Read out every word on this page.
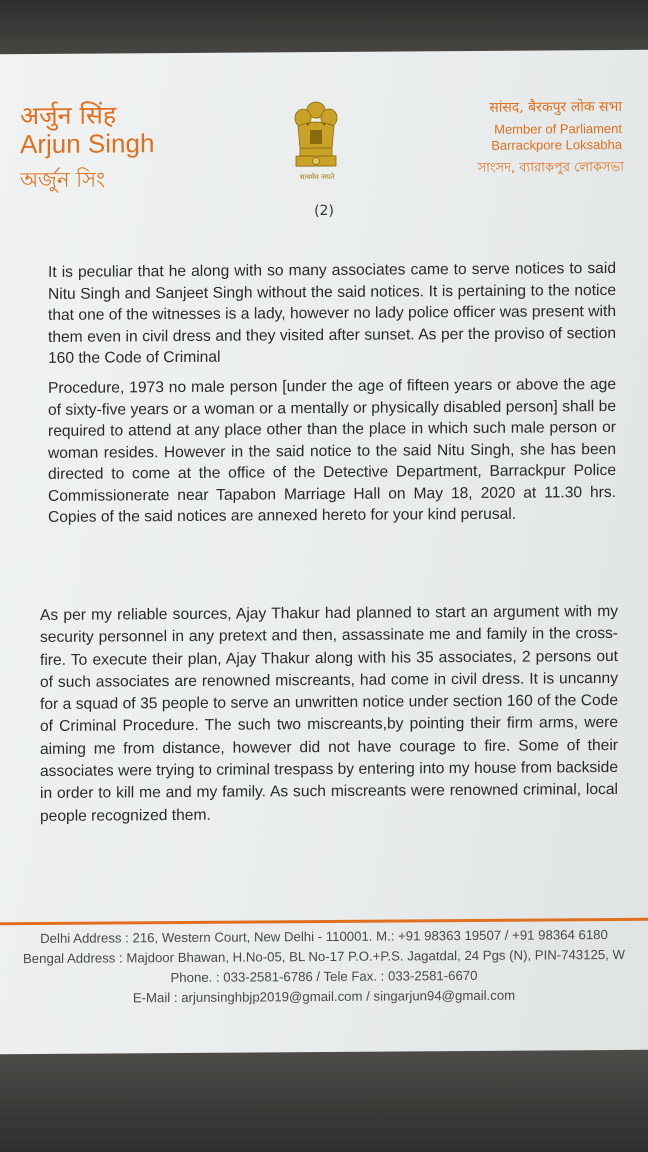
अर्जुन सिंह
Arjun Singh
অর্জুন সিং	सत्यमेव जयते
सांसद, बैरकपुर लोक सभा
Member of Parliament
Barrackpore Loksabha
সাংসদ, ব্যারাকপুর লোকসভা
(2)

It is peculiar that he along with so many associates came to serve notices to said Nitu Singh and Sanjeet Singh without the said notices. It is pertaining to the notice that one of the witnesses is a lady, however no lady police officer was present with them even in civil dress and they visited after sunset. As per the proviso of section 160 the Code of Criminal

Procedure, 1973 no male person [under the age of fifteen years or above the age of sixty-five years or a woman or a mentally or physically disabled person] shall be required to attend at any place other than the place in which such male person or woman resides. However in the said notice to the said Nitu Singh, she has been directed to come at the office of the Detective Department, Barrackpur Police Commissionerate near Tapabon Marriage Hall on May 18, 2020 at 11.30 hrs. Copies of the said notices are annexed hereto for your kind perusal.

As per my reliable sources, Ajay Thakur had planned to start an argument with my security personnel in any pretext and then, assassinate me and family in the cross-fire. To execute their plan, Ajay Thakur along with his 35 associates, 2 persons out of such associates are renowned miscreants, had come in civil dress. It is uncanny for a squad of 35 people to serve an unwritten notice under section 160 of the Code of Criminal Procedure. The such two miscreants,by pointing their firm arms, were aiming me from distance, however did not have courage to fire. Some of their associates were trying to criminal trespass by entering into my house from backside in order to kill me and my family. As such miscreants were renowned criminal, local people recognized them.

Delhi Address : 216, Western Court, New Delhi - 110001. M.: +91 98363 19507 / +91 98364 6180
Bengal Address : Majdoor Bhawan, H.No-05, BL No-17 P.O.+P.S. Jagatdal, 24 Pgs (N), PIN-743125, W
Phone. : 033-2581-6786 / Tele Fax. : 033-2581-6670
E-Mail : arjunsinghbjp2019@gmail.com / singarjun94@gmail.com
